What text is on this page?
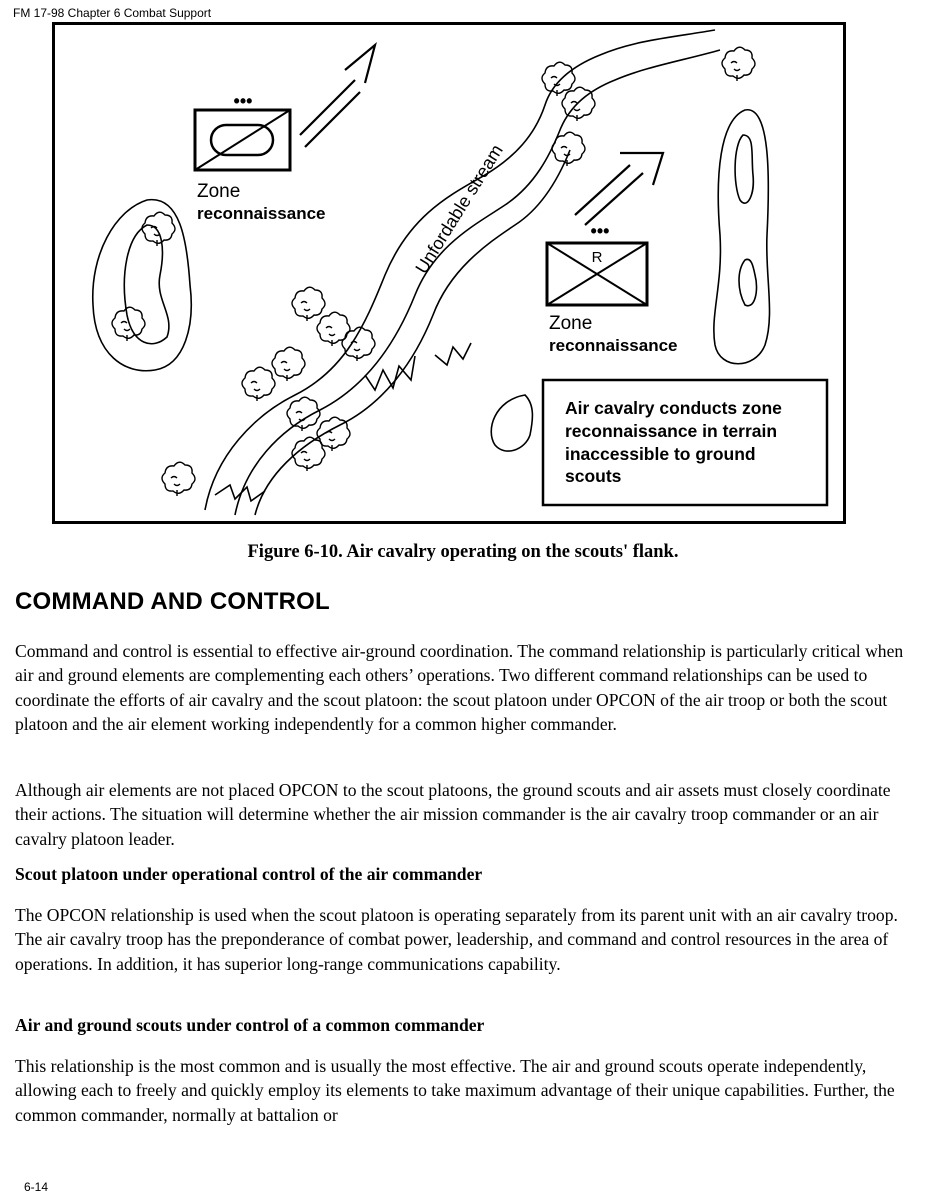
FM 17-98 Chapter 6 Combat Support
•••
Zone
reconnaissance	Unfordable stream	R
•••
Zone
reconnaissance
Air cavalry conducts zone
reconnaissance in terrain
inaccessible to ground
scouts
Figure 6-10. Air cavalry operating on the scouts' flank.
COMMAND AND CONTROL

Command and control is essential to effective air-ground coordination. The command relationship is particularly critical when air and ground elements are complementing each others’ operations. Two different command relationships can be used to coordinate the efforts of air cavalry and the scout platoon: the scout platoon under OPCON of the air troop or both the scout platoon and the air element working independently for a common higher commander.

Although air elements are not placed OPCON to the scout platoons, the ground scouts and air assets must closely coordinate their actions. The situation will determine whether the air mission commander is the air cavalry troop commander or an air cavalry platoon leader.

Scout platoon under operational control of the air commander

The OPCON relationship is used when the scout platoon is operating separately from its parent unit with an air cavalry troop. The air cavalry troop has the preponderance of combat power, leadership, and command and control resources in the area of operations. In addition, it has superior long-range communications capability.

Air and ground scouts under control of a common commander

This relationship is the most common and is usually the most effective. The air and ground scouts operate independently, allowing each to freely and quickly employ its elements to take maximum advantage of their unique capabilities. Further, the common commander, normally at battalion or

6-14
